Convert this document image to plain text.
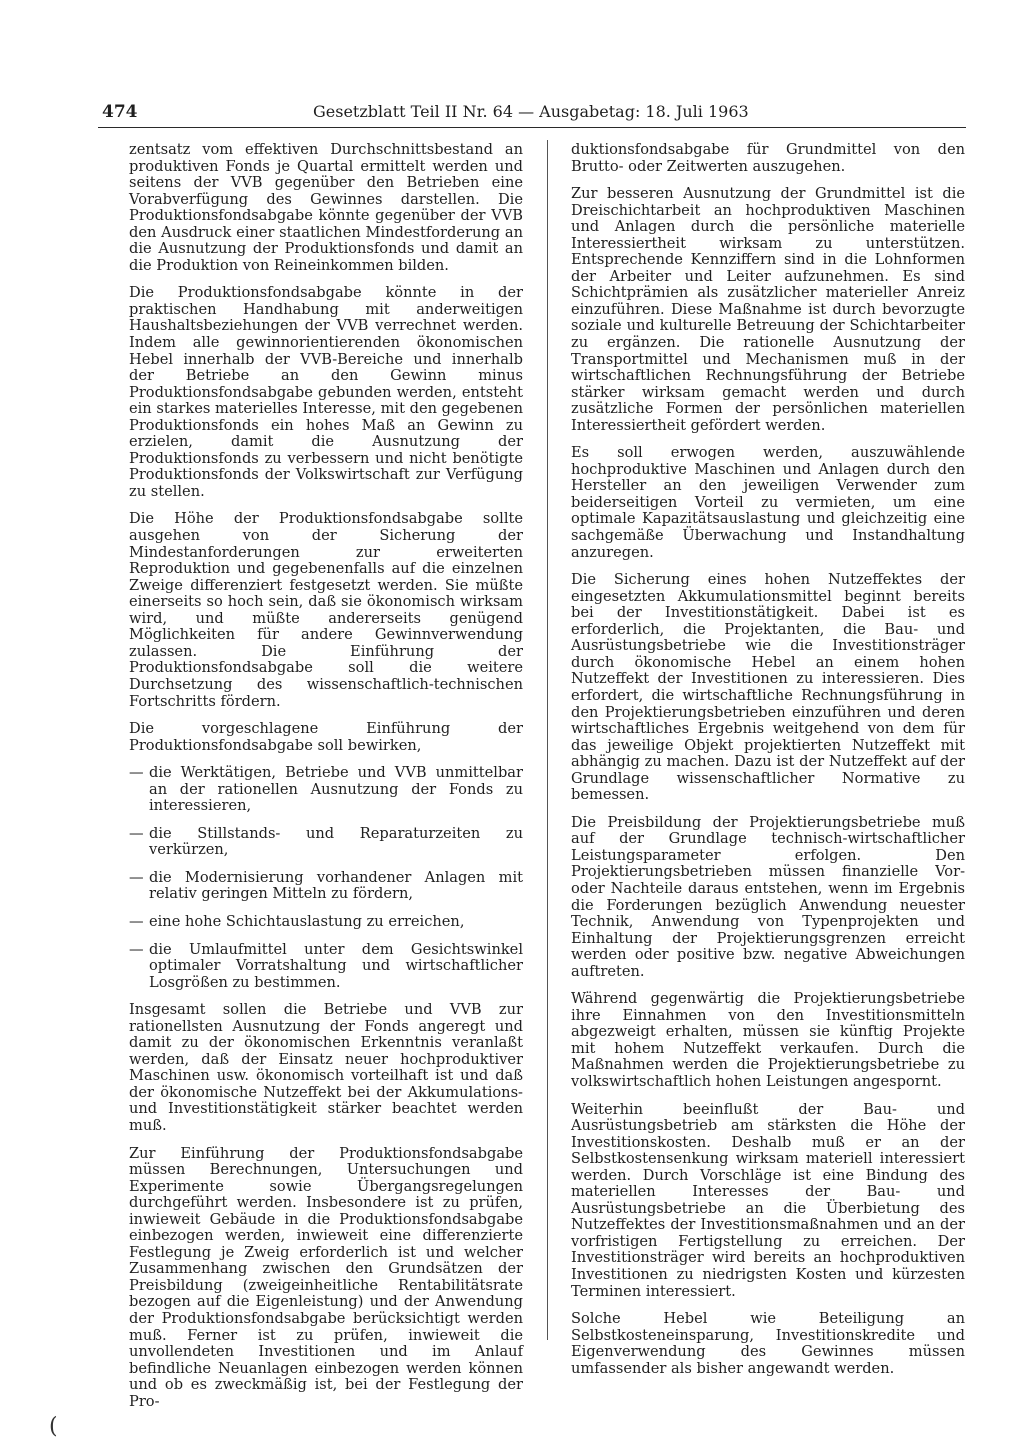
474	Gesetzblatt Teil II Nr. 64 — Ausgabetag: 18. Juli 1963

zentsatz vom effektiven Durchschnittsbestand an produktiven Fonds je Quartal ermittelt werden und seitens der VVB gegenüber den Betrieben eine Vorabverfügung des Gewinnes darstellen. Die Produktionsfondsabgabe könnte gegenüber der VVB den Ausdruck einer staatlichen Mindestforderung an die Ausnutzung der Produktionsfonds und damit an die Produktion von Reineinkommen bilden.

Die Produktionsfondsabgabe könnte in der praktischen Handhabung mit anderweitigen Haushaltsbeziehungen der VVB verrechnet werden. Indem alle gewinnorientierenden ökonomischen Hebel innerhalb der VVB-Bereiche und innerhalb der Betriebe an den Gewinn minus Produktionsfondsabgabe gebunden werden, entsteht ein starkes materielles Interesse, mit den gegebenen Produktionsfonds ein hohes Maß an Gewinn zu erzielen, damit die Ausnutzung der Produktionsfonds zu verbessern und nicht benötigte Produktionsfonds der Volkswirtschaft zur Verfügung zu stellen.

Die Höhe der Produktionsfondsabgabe sollte ausgehen von der Sicherung der Mindestanforderungen zur erweiterten Reproduktion und gegebenenfalls auf die einzelnen Zweige differenziert festgesetzt werden. Sie müßte einerseits so hoch sein, daß sie ökonomisch wirksam wird, und müßte andererseits genügend Möglichkeiten für andere Gewinnverwendung zulassen. Die Einführung der Produktionsfondsabgabe soll die weitere Durchsetzung des wissenschaftlich-technischen Fortschritts fördern.

Die vorgeschlagene Einführung der Produktionsfondsabgabe soll bewirken,

— die Werktätigen, Betriebe und VVB unmittelbar an der rationellen Ausnutzung der Fonds zu interessieren,
— die Stillstands- und Reparaturzeiten zu verkürzen,
— die Modernisierung vorhandener Anlagen mit relativ geringen Mitteln zu fördern,
— eine hohe Schichtauslastung zu erreichen,
— die Umlaufmittel unter dem Gesichtswinkel optimaler Vorratshaltung und wirtschaftlicher Losgrößen zu bestimmen.

Insgesamt sollen die Betriebe und VVB zur rationellsten Ausnutzung der Fonds angeregt und damit zu der ökonomischen Erkenntnis veranlaßt werden, daß der Einsatz neuer hochproduktiver Maschinen usw. ökonomisch vorteilhaft ist und daß der ökonomische Nutzeffekt bei der Akkumulations- und Investitionstätigkeit stärker beachtet werden muß.

Zur Einführung der Produktionsfondsabgabe müssen Berechnungen, Untersuchungen und Experimente sowie Übergangsregelungen durchgeführt werden. Insbesondere ist zu prüfen, inwieweit Gebäude in die Produktionsfondsabgabe einbezogen werden, inwieweit eine differenzierte Festlegung je Zweig erforderlich ist und welcher Zusammenhang zwischen den Grundsätzen der Preisbildung (zweigeinheitliche Rentabilitätsrate bezogen auf die Eigenleistung) und der Anwendung der Produktionsfondsabgabe berücksichtigt werden muß. Ferner ist zu prüfen, inwieweit die unvollendeten Investitionen und im Anlauf befindliche Neuanlagen einbezogen werden können und ob es zweckmäßig ist, bei der Festlegung der Pro-

duktionsfondsabgabe für Grundmittel von den Brutto- oder Zeitwerten auszugehen.

Zur besseren Ausnutzung der Grundmittel ist die Dreischichtarbeit an hochproduktiven Maschinen und Anlagen durch die persönliche materielle Interessiertheit wirksam zu unterstützen. Entsprechende Kennziffern sind in die Lohnformen der Arbeiter und Leiter aufzunehmen. Es sind Schichtprämien als zusätzlicher materieller Anreiz einzuführen. Diese Maßnahme ist durch bevorzugte soziale und kulturelle Betreuung der Schichtarbeiter zu ergänzen. Die rationelle Ausnutzung der Transportmittel und Mechanismen muß in der wirtschaftlichen Rechnungsführung der Betriebe stärker wirksam gemacht werden und durch zusätzliche Formen der persönlichen materiellen Interessiertheit gefördert werden.

Es soll erwogen werden, auszuwählende hochproduktive Maschinen und Anlagen durch den Hersteller an den jeweiligen Verwender zum beiderseitigen Vorteil zu vermieten, um eine optimale Kapazitätsauslastung und gleichzeitig eine sachgemäße Überwachung und Instandhaltung anzuregen.

Die Sicherung eines hohen Nutzeffektes der eingesetzten Akkumulationsmittel beginnt bereits bei der Investitionstätigkeit. Dabei ist es erforderlich, die Projektanten, die Bau- und Ausrüstungsbetriebe wie die Investitionsträger durch ökonomische Hebel an einem hohen Nutzeffekt der Investitionen zu interessieren. Dies erfordert, die wirtschaftliche Rechnungsführung in den Projektierungsbetrieben einzuführen und deren wirtschaftliches Ergebnis weitgehend von dem für das jeweilige Objekt projektierten Nutzeffekt mit abhängig zu machen. Dazu ist der Nutzeffekt auf der Grundlage wissenschaftlicher Normative zu bemessen.

Die Preisbildung der Projektierungsbetriebe muß auf der Grundlage technisch-wirtschaftlicher Leistungsparameter erfolgen. Den Projektierungsbetrieben müssen finanzielle Vor- oder Nachteile daraus entstehen, wenn im Ergebnis die Forderungen bezüglich Anwendung neuester Technik, Anwendung von Typenprojekten und Einhaltung der Projektierungsgrenzen erreicht werden oder positive bzw. negative Abweichungen auftreten.

Während gegenwärtig die Projektierungsbetriebe ihre Einnahmen von den Investitionsmitteln abgezweigt erhalten, müssen sie künftig Projekte mit hohem Nutzeffekt verkaufen. Durch die Maßnahmen werden die Projektierungsbetriebe zu volkswirtschaftlich hohen Leistungen angespornt.

Weiterhin beeinflußt der Bau- und Ausrüstungsbetrieb am stärksten die Höhe der Investitionskosten. Deshalb muß er an der Selbstkostensenkung wirksam materiell interessiert werden. Durch Vorschläge ist eine Bindung des materiellen Interesses der Bau- und Ausrüstungsbetriebe an die Überbietung des Nutzeffektes der Investitionsmaßnahmen und an der vorfristigen Fertigstellung zu erreichen. Der Investitionsträger wird bereits an hochproduktiven Investitionen zu niedrigsten Kosten und kürzesten Terminen interessiert.

Solche Hebel wie Beteiligung an Selbstkosteneinsparung, Investitionskredite und Eigenverwendung des Gewinnes müssen umfassender als bisher angewandt werden.

(
